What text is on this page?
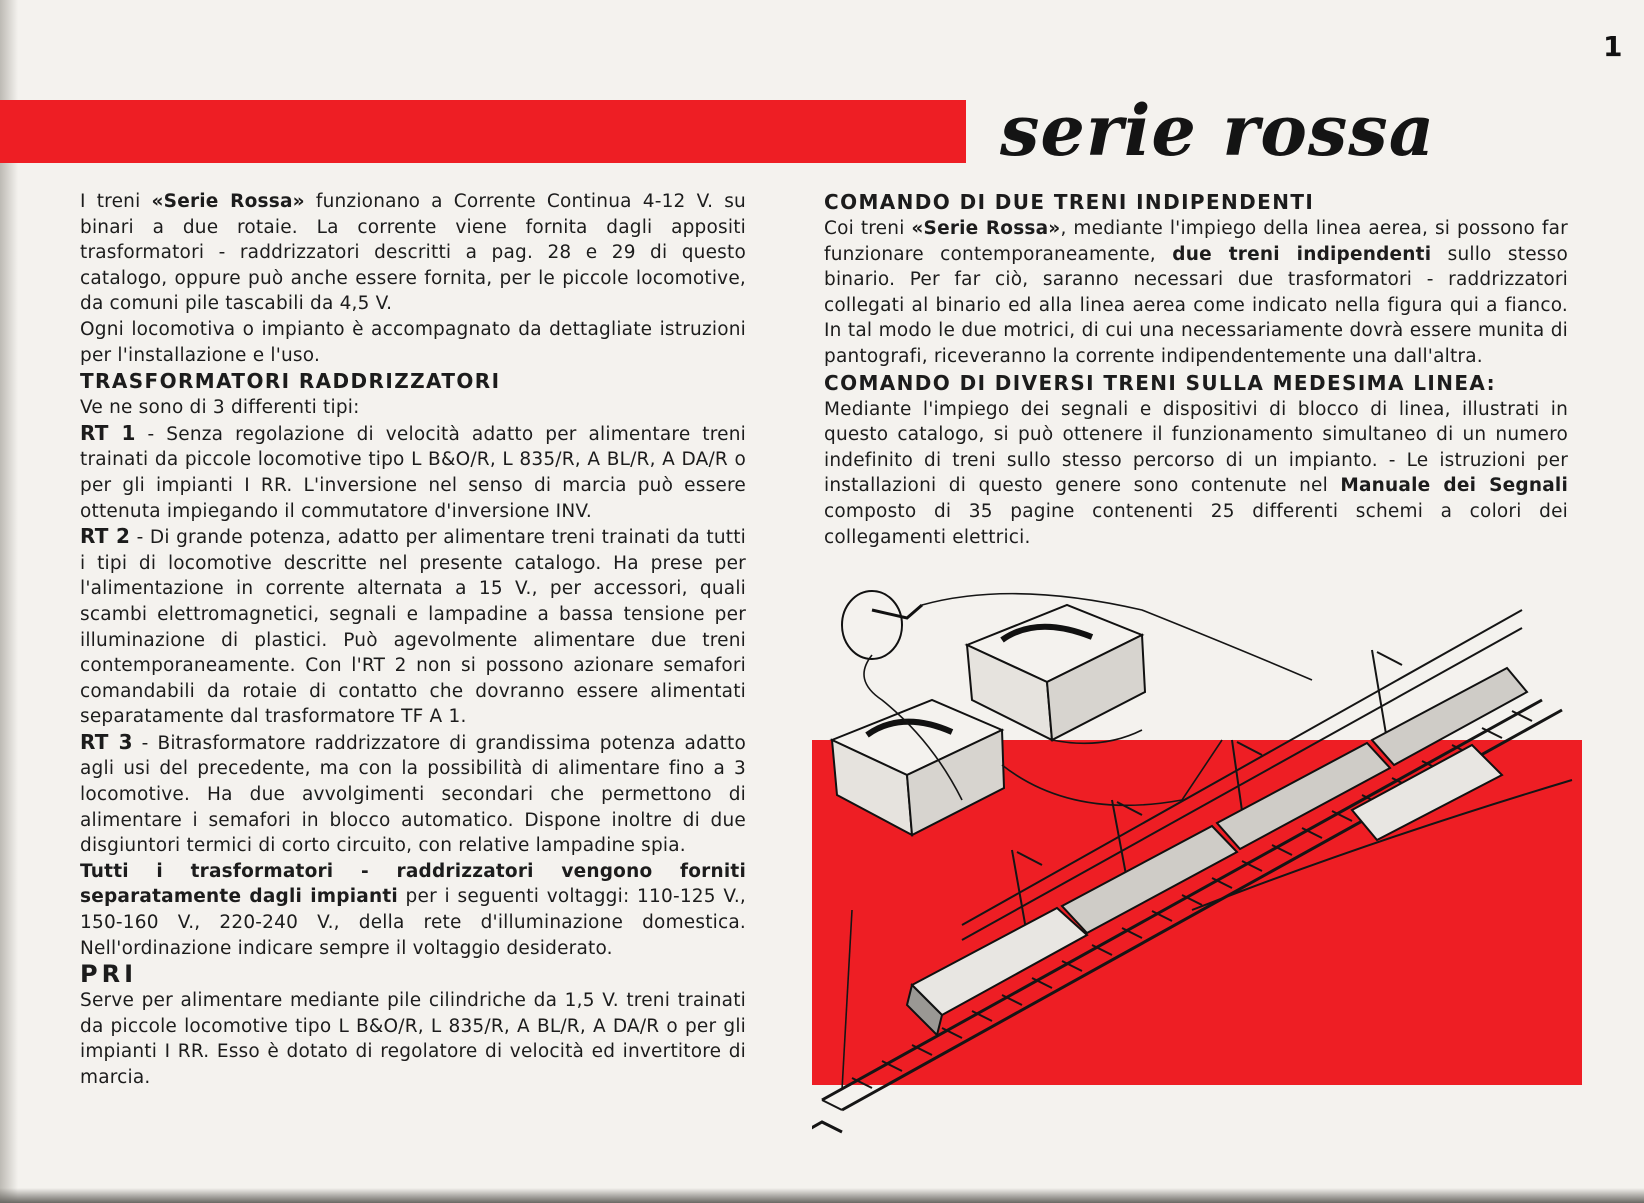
1
serie rossa

I treni «Serie Rossa» funzionano a Corrente Continua 4-12 V. su binari a due rotaie. La corrente viene fornita dagli appositi trasformatori - raddrizzatori descritti a pag. 28 e 29 di questo catalogo, oppure può anche essere fornita, per le piccole locomotive, da comuni pile tascabili da 4,5 V.

Ogni locomotiva o impianto è accompagnato da dettagliate istruzioni per l'installazione e l'uso.

TRASFORMATORI RADDRIZZATORI

Ve ne sono di 3 differenti tipi:

RT 1 - Senza regolazione di velocità adatto per alimentare treni trainati da piccole locomotive tipo L B&O/R, L 835/R, A BL/R, A DA/R o per gli impianti I RR. L'inversione nel senso di marcia può essere ottenuta impiegando il commutatore d'inversione INV.

RT 2 - Di grande potenza, adatto per alimentare treni trainati da tutti i tipi di locomotive descritte nel presente catalogo. Ha prese per l'alimentazione in corrente alternata a 15 V., per accessori, quali scambi elettromagnetici, segnali e lampadine a bassa tensione per illuminazione di plastici. Può agevolmente alimentare due treni contemporaneamente. Con l'RT 2 non si possono azionare semafori comandabili da rotaie di contatto che dovranno essere alimentati separatamente dal trasformatore TF A 1.

RT 3 - Bitrasformatore raddrizzatore di grandissima potenza adatto agli usi del precedente, ma con la possibilità di alimentare fino a 3 locomotive. Ha due avvolgimenti secondari che permettono di alimentare i semafori in blocco automatico. Dispone inoltre di due disgiuntori termici di corto circuito, con relative lampadine spia.

Tutti i trasformatori - raddrizzatori vengono forniti separatamente dagli impianti per i seguenti voltaggi: 110-125 V., 150-160 V., 220-240 V., della rete d'illuminazione domestica. Nell'ordinazione indicare sempre il voltaggio desiderato.

PRI

Serve per alimentare mediante pile cilindriche da 1,5 V. treni trainati da piccole locomotive tipo L B&O/R, L 835/R, A BL/R, A DA/R o per gli impianti I RR. Esso è dotato di regolatore di velocità ed invertitore di marcia.

COMANDO DI DUE TRENI INDIPENDENTI

Coi treni «Serie Rossa», mediante l'impiego della linea aerea, si possono far funzionare contemporaneamente, due treni indipendenti sullo stesso binario. Per far ciò, saranno necessari due trasformatori - raddrizzatori collegati al binario ed alla linea aerea come indicato nella figura qui a fianco. In tal modo le due motrici, di cui una necessariamente dovrà essere munita di pantografi, riceveranno la corrente indipendentemente una dall'altra.

COMANDO DI DIVERSI TRENI SULLA MEDESIMA LINEA:

Mediante l'impiego dei segnali e dispositivi di blocco di linea, illustrati in questo catalogo, si può ottenere il funzionamento simultaneo di un numero indefinito di treni sullo stesso percorso di un impianto. - Le istruzioni per installazioni di questo genere sono contenute nel Manuale dei Segnali composto di 35 pagine contenenti 25 differenti schemi a colori dei collegamenti elettrici.
